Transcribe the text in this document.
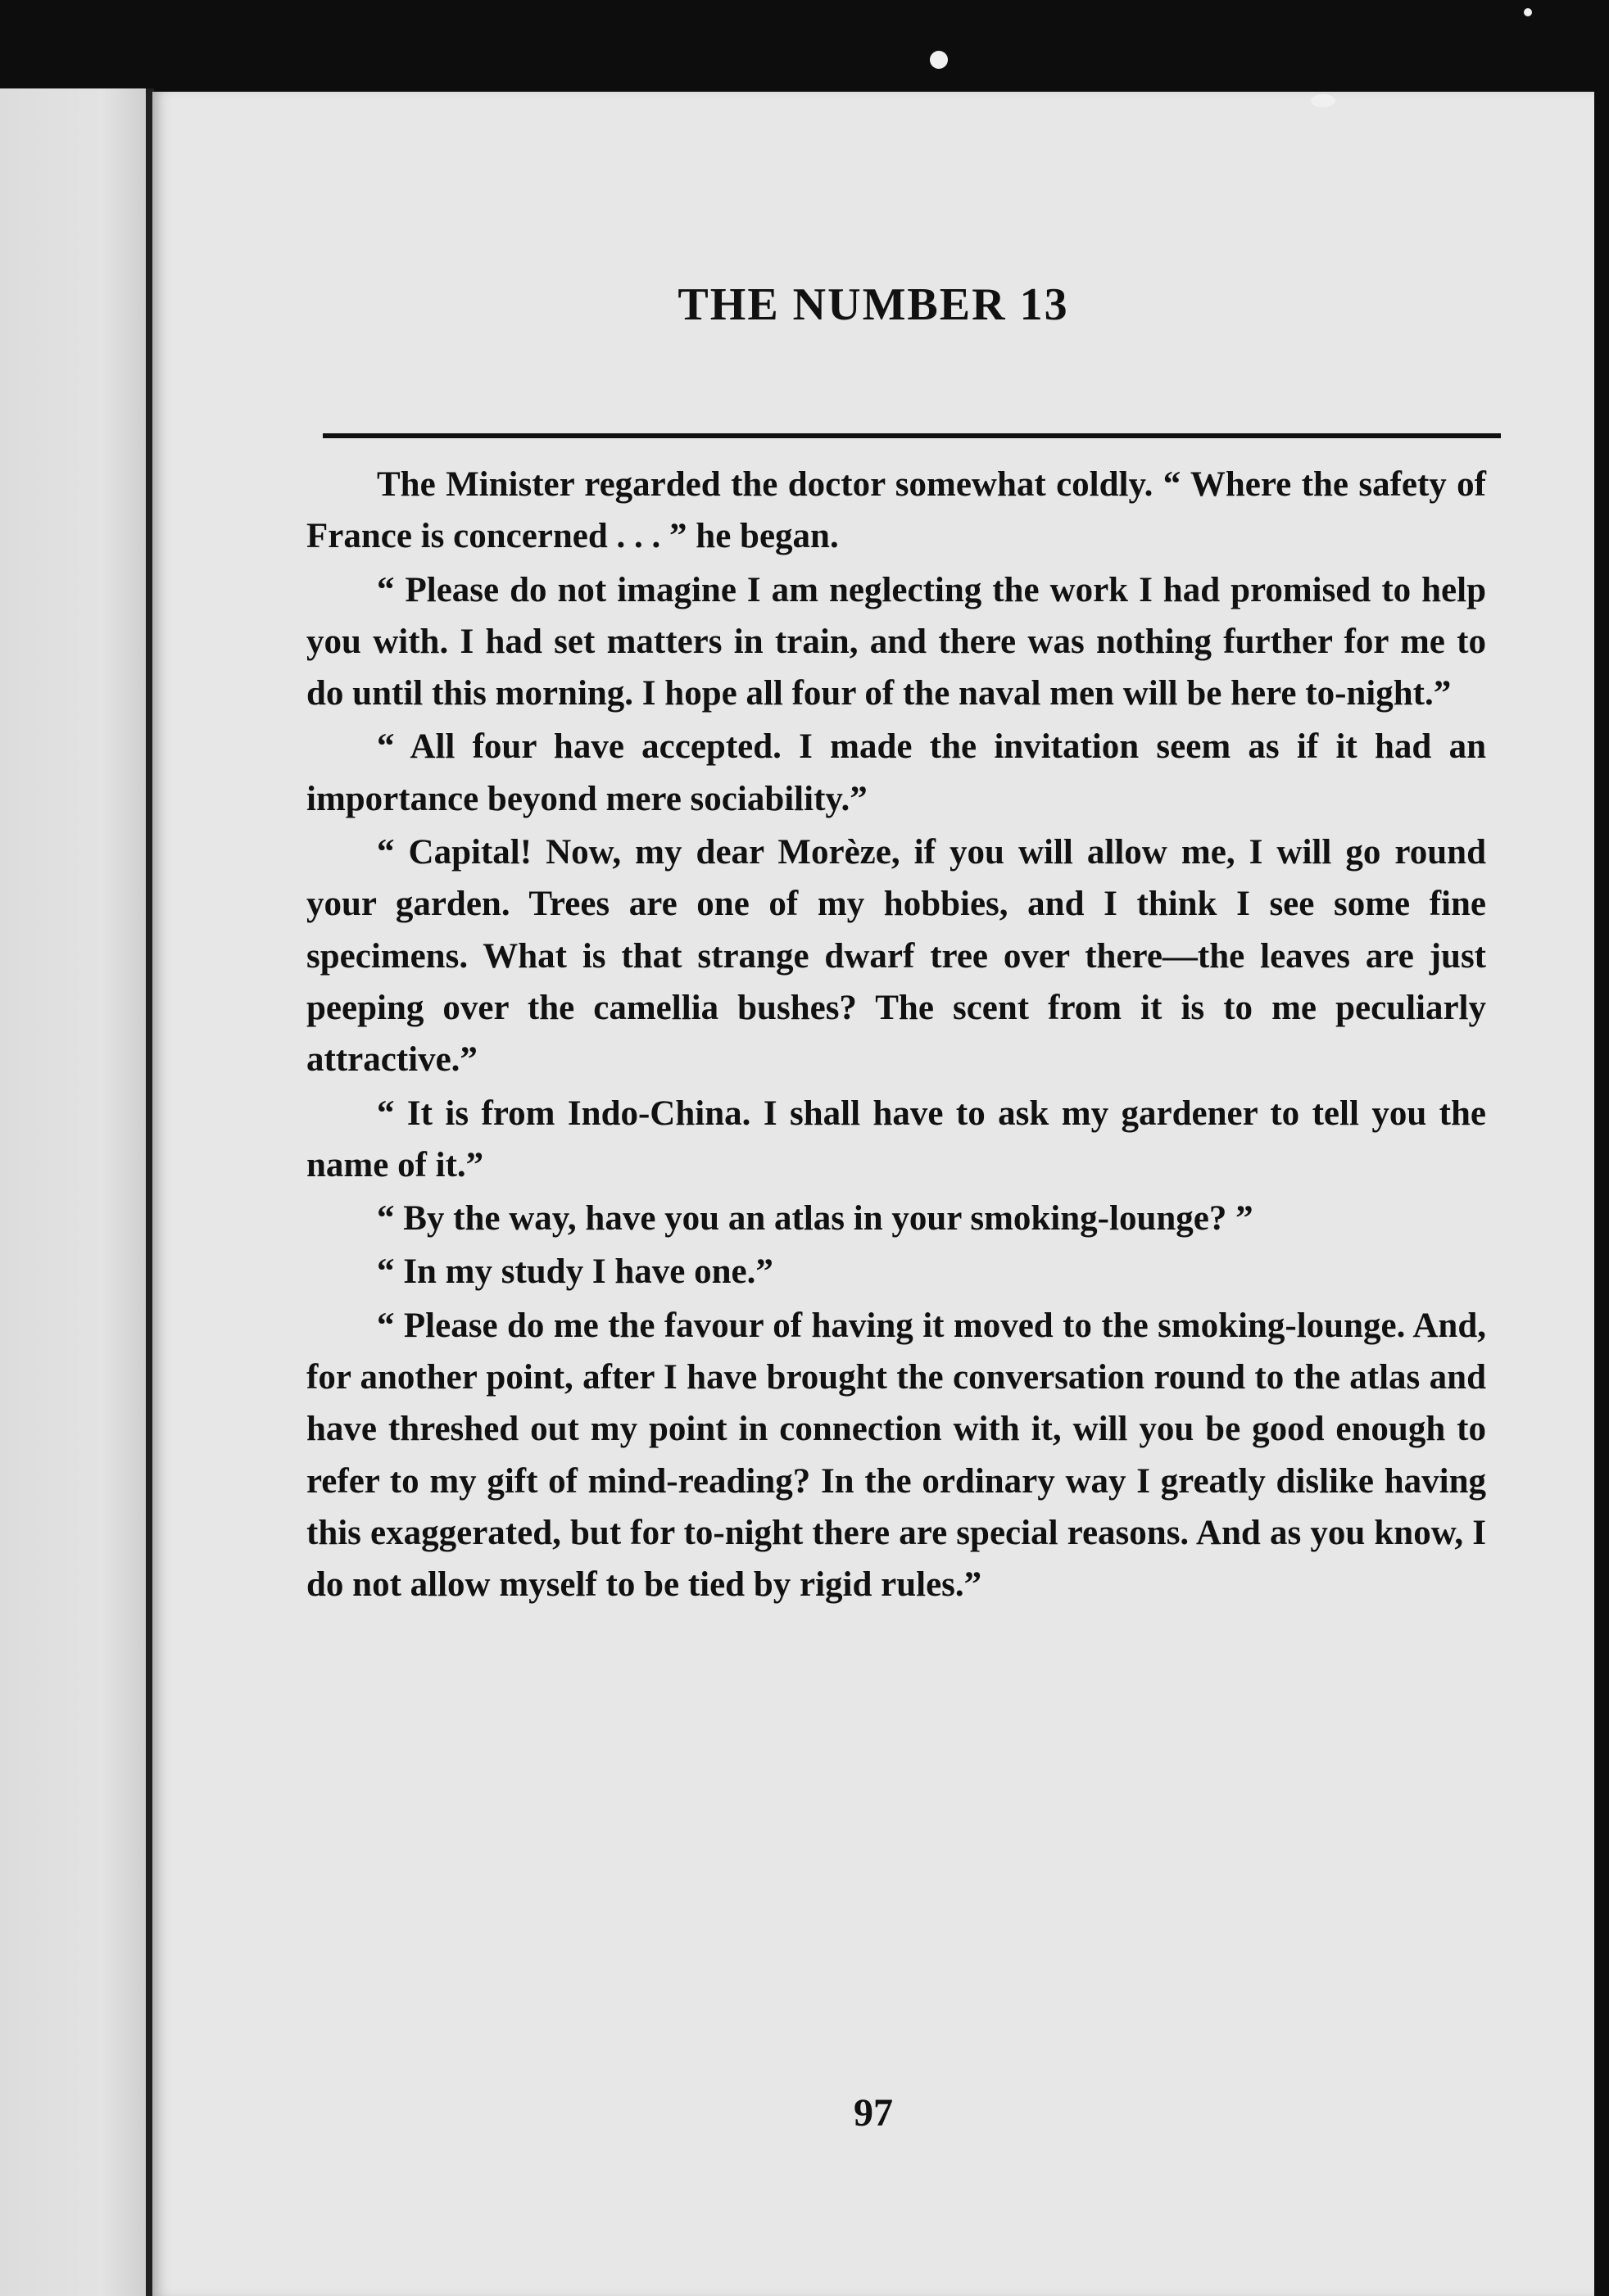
THE NUMBER 13

The Minister regarded the doctor somewhat coldly. “ Where the safety of France is concerned . . . ” he began.

“ Please do not imagine I am neglecting the work I had promised to help you with. I had set matters in train, and there was nothing further for me to do until this morning. I hope all four of the naval men will be here to-night.”

“ All four have accepted. I made the invitation seem as if it had an importance beyond mere sociability.”

“ Capital! Now, my dear Morèze, if you will allow me, I will go round your garden. Trees are one of my hobbies, and I think I see some fine specimens. What is that strange dwarf tree over there—the leaves are just peeping over the camellia bushes? The scent from it is to me peculiarly attractive.”

“ It is from Indo-China. I shall have to ask my gardener to tell you the name of it.”

“ By the way, have you an atlas in your smoking-lounge? ”

“ In my study I have one.”

“ Please do me the favour of having it moved to the smoking-lounge. And, for another point, after I have brought the conversation round to the atlas and have threshed out my point in connection with it, will you be good enough to refer to my gift of mind-reading? In the ordinary way I greatly dislike having this exaggerated, but for to-night there are special reasons. And as you know, I do not allow myself to be tied by rigid rules.”

97
